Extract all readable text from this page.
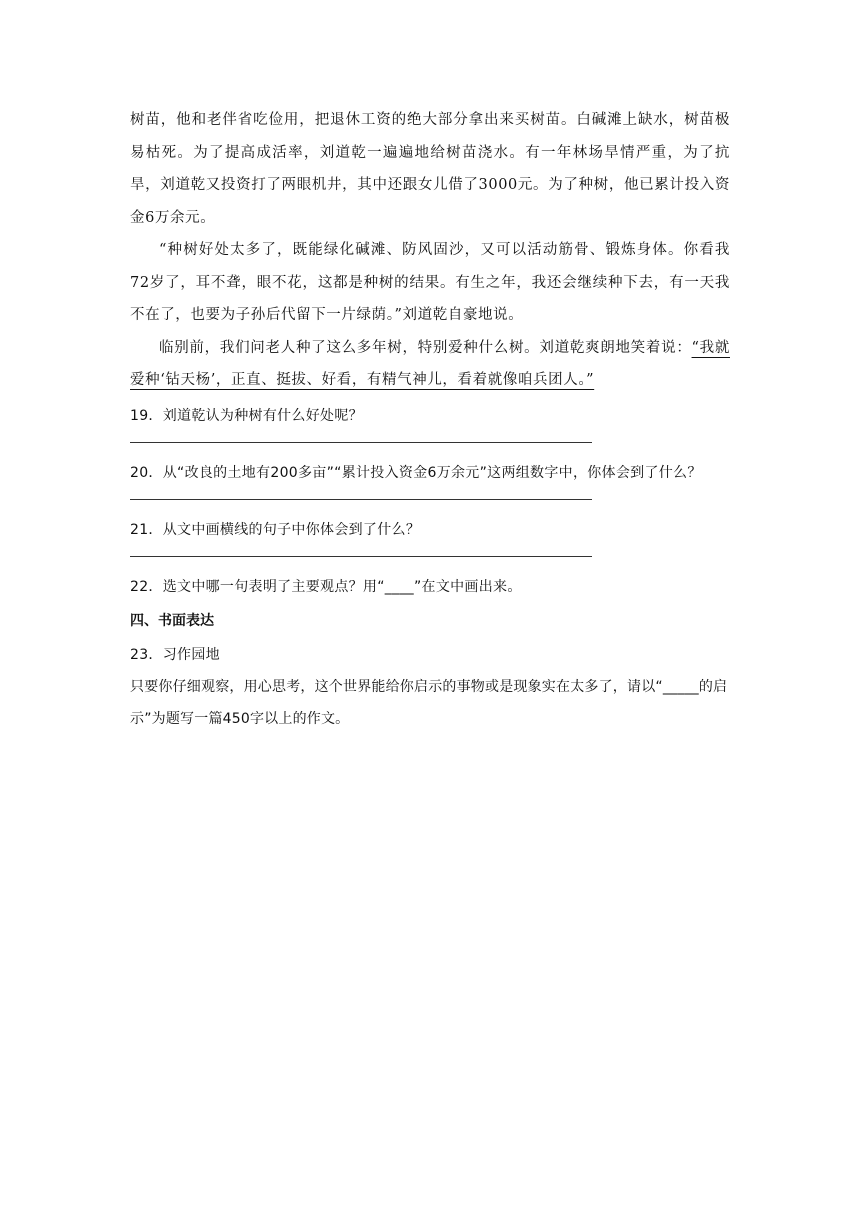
树苗，他和老伴省吃俭用，把退休工资的绝大部分拿出来买树苗。白碱滩上缺水，树苗极易枯死。为了提高成活率，刘道乾一遍遍地给树苗浇水。有一年林场旱情严重，为了抗旱，刘道乾又投资打了两眼机井，其中还跟女儿借了3000元。为了种树，他已累计投入资金6万余元。

“种树好处太多了，既能绿化碱滩、防风固沙，又可以活动筋骨、锻炼身体。你看我72岁了，耳不聋，眼不花，这都是种树的结果。有生之年，我还会继续种下去，有一天我不在了，也要为子孙后代留下一片绿荫。”刘道乾自豪地说。

临别前，我们问老人种了这么多年树，特别爱种什么树。刘道乾爽朗地笑着说：“我就爱种‘钻天杨’，正直、挺拔、好看，有精气神儿，看着就像咱兵团人。”

19．刘道乾认为种树有什么好处呢？

20．从“改良的土地有200多亩”“累计投入资金6万余元”这两组数字中，你体会到了什么？

21．从文中画横线的句子中你体会到了什么？

22．选文中哪一句表明了主要观点？用“____”在文中画出来。

四、书面表达

23．习作园地

只要你仔细观察，用心思考，这个世界能给你启示的事物或是现象实在太多了，请以“_____的启示”为题写一篇450字以上的作文。
